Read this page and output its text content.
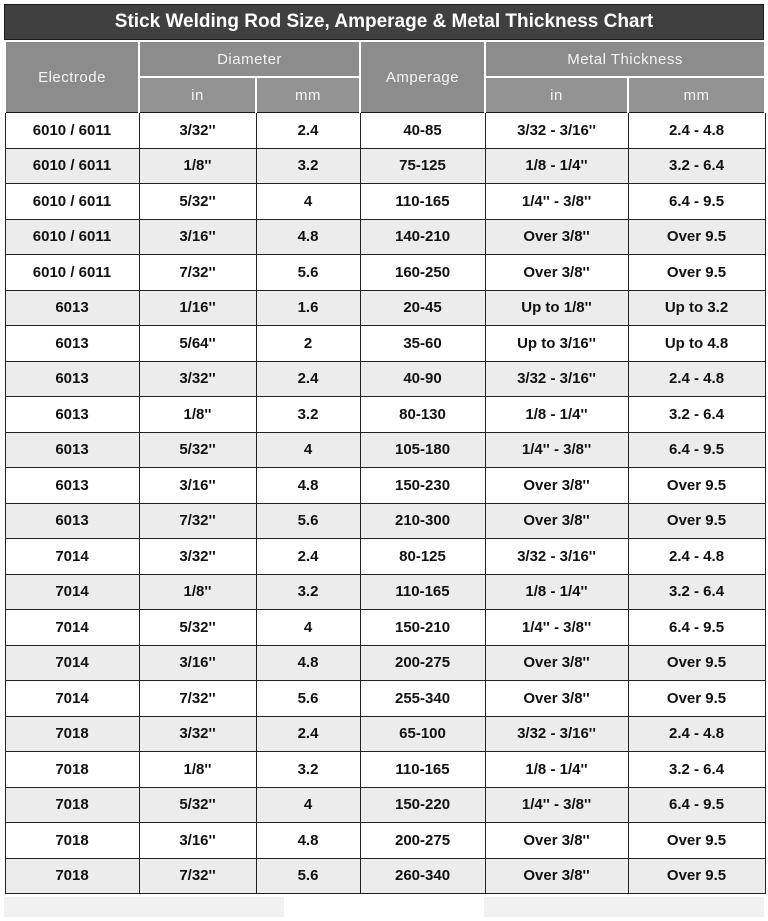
Stick Welding Rod Size, Amperage & Metal Thickness Chart
Electrode	Diameter		Amperage	Metal Thickness	
	in	mm		in	mm
6010 / 6011	3/32''	2.4	40-85	3/32 - 3/16''	2.4 - 4.8
6010 / 6011	1/8''	3.2	75-125	1/8 - 1/4''	3.2 - 6.4
6010 / 6011	5/32''	4	110-165	1/4'' - 3/8''	6.4 - 9.5
6010 / 6011	3/16''	4.8	140-210	Over 3/8''	Over 9.5
6010 / 6011	7/32''	5.6	160-250	Over 3/8''	Over 9.5
6013	1/16''	1.6	20-45	Up to 1/8''	Up to 3.2
6013	5/64''	2	35-60	Up to 3/16''	Up to 4.8
6013	3/32''	2.4	40-90	3/32 - 3/16''	2.4 - 4.8
6013	1/8''	3.2	80-130	1/8 - 1/4''	3.2 - 6.4
6013	5/32''	4	105-180	1/4'' - 3/8''	6.4 - 9.5
6013	3/16''	4.8	150-230	Over 3/8''	Over 9.5
6013	7/32''	5.6	210-300	Over 3/8''	Over 9.5
7014	3/32''	2.4	80-125	3/32 - 3/16''	2.4 - 4.8
7014	1/8''	3.2	110-165	1/8 - 1/4''	3.2 - 6.4
7014	5/32''	4	150-210	1/4'' - 3/8''	6.4 - 9.5
7014	3/16''	4.8	200-275	Over 3/8''	Over 9.5
7014	7/32''	5.6	255-340	Over 3/8''	Over 9.5
7018	3/32''	2.4	65-100	3/32 - 3/16''	2.4 - 4.8
7018	1/8''	3.2	110-165	1/8 - 1/4''	3.2 - 6.4
7018	5/32''	4	150-220	1/4'' - 3/8''	6.4 - 9.5
7018	3/16''	4.8	200-275	Over 3/8''	Over 9.5
7018	7/32''	5.6	260-340	Over 3/8''	Over 9.5
